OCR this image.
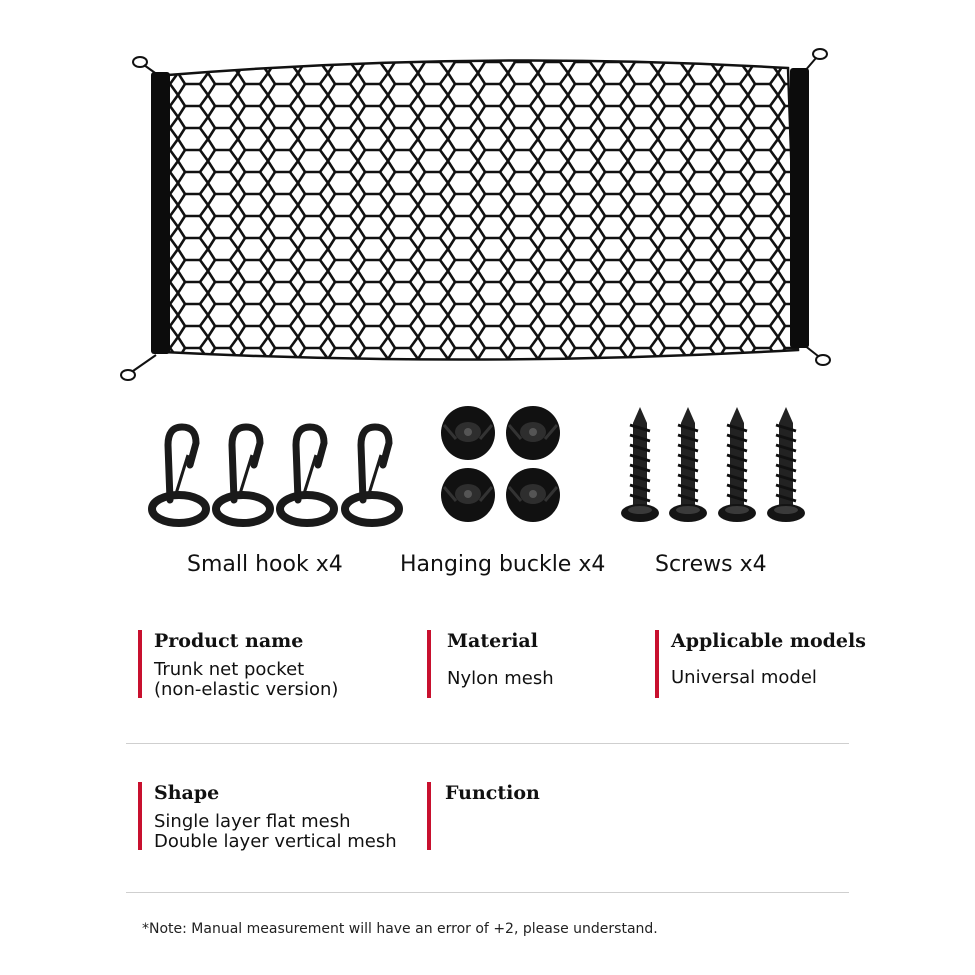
Small hook x4	Hanging buckle x4 Screws x4
Product name
Trunk net pocket
(non-elastic version)
Material
Nylon mesh
Applicable models
Universal model
Shape
Single layer flat mesh
Double layer vertical mesh
Function
*Note: Manual measurement will have an error of +2, please understand.
